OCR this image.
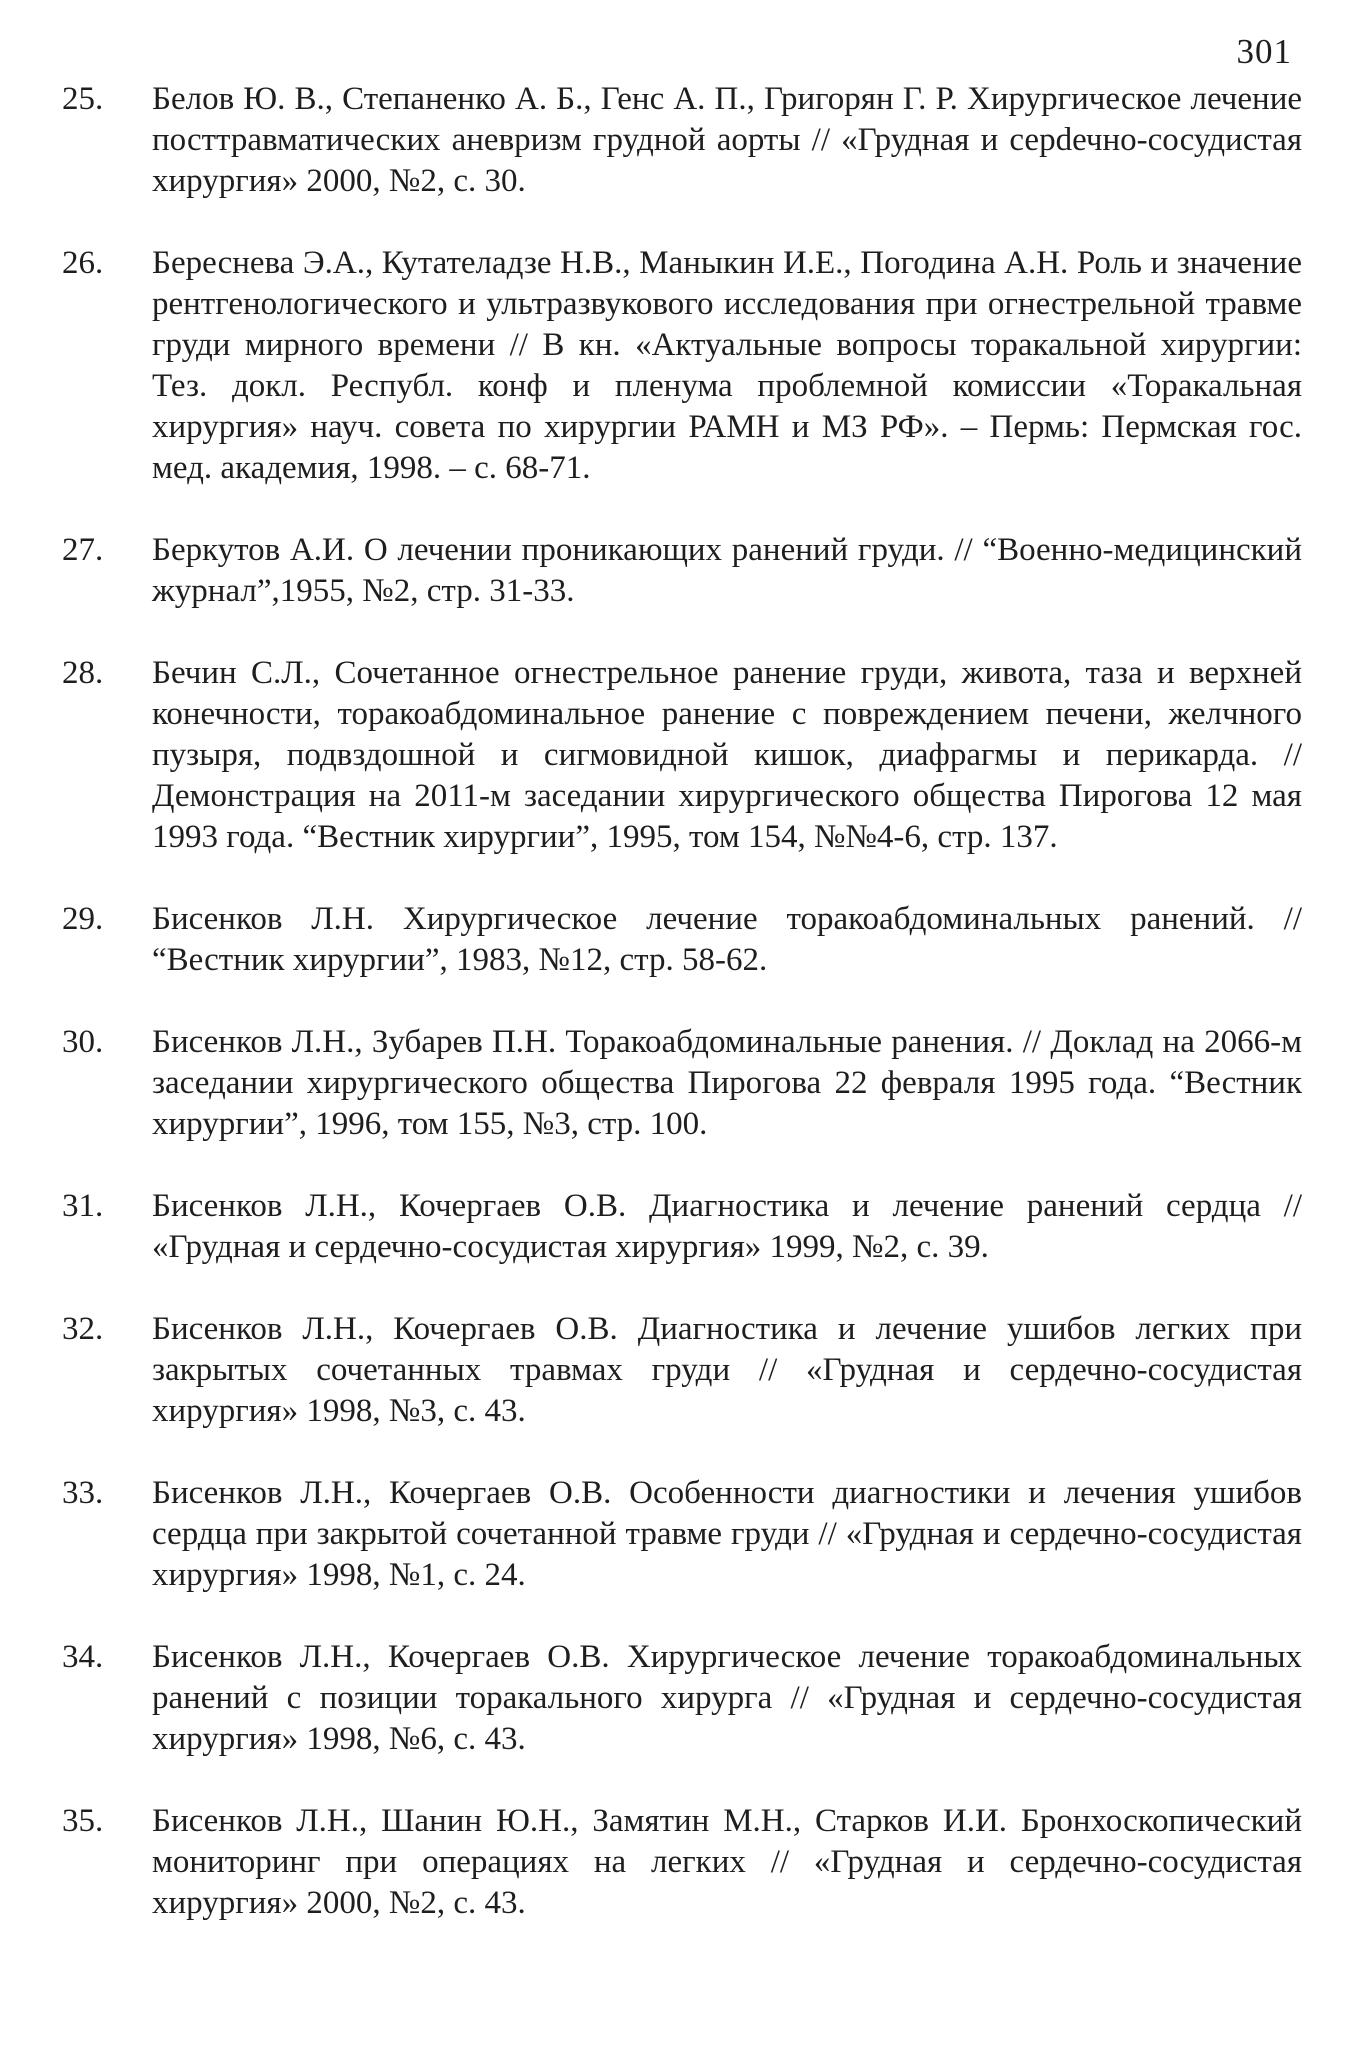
301
25.	Белов Ю. В., Степаненко А. Б., Генс А. П., Григорян Г. Р. Хирургическое лечение посттравматических аневризм грудной аорты // «Грудная и серdечно-сосудистая хирургия» 2000, №2, с. 30.
26.	Береснева Э.А., Кутателадзе Н.В., Маныкин И.Е., Погодина А.Н. Роль и значение рентгенологического и ультразвукового исследования при огнестрельной травме груди мирного времени // В кн. «Актуальные вопросы торакальной хирургии: Тез. докл. Республ. конф и пленума проблемной комиссии «Торакальная хирургия» науч. совета по хирургии РАМН и МЗ РФ». – Пермь: Пермская гос. мед. академия, 1998. – с. 68-71.
27.	Беркутов А.И. О лечении проникающих ранений груди. // “Военно-медицинский журнал”,1955, №2, стр. 31-33.
28.	Бечин С.Л., Сочетанное огнестрельное ранение груди, живота, таза и верхней конечности, торакоабдоминальное ранение с повреждением печени, желчного пузыря, подвздошной и сигмовидной кишок, диафрагмы и перикарда. // Демонстрация на 2011-м заседании хирургического общества Пирогова 12 мая 1993 года. “Вестник хирургии”, 1995, том 154, №№4-6, стр. 137.
29.	Бисенков Л.Н. Хирургическое лечение торакоабдоминальных ранений. // “Вестник хирургии”, 1983, №12, стр. 58-62.
30.	Бисенков Л.Н., Зубарев П.Н. Торакоабдоминальные ранения. // Доклад на 2066-м заседании хирургического общества Пирогова 22 февраля 1995 года. “Вестник хирургии”, 1996, том 155, №3, стр. 100.
31.	Бисенков Л.Н., Кочергаев О.В. Диагностика и лечение ранений сердца // «Грудная и сердечно-сосудистая хирургия» 1999, №2, с. 39.
32.	Бисенков Л.Н., Кочергаев О.В. Диагностика и лечение ушибов легких при закрытых сочетанных травмах груди // «Грудная и сердечно-сосудистая хирургия» 1998, №3, с. 43.
33.	Бисенков Л.Н., Кочергаев О.В. Особенности диагностики и лечения ушибов сердца при закрытой сочетанной травме груди // «Грудная и сердечно-сосудистая хирургия» 1998, №1, с. 24.
34.	Бисенков Л.Н., Кочергаев О.В. Хирургическое лечение торакоабдоминальных ранений с позиции торакального хирурга // «Грудная и сердечно-сосудистая хирургия» 1998, №6, с. 43.
35.	Бисенков Л.Н., Шанин Ю.Н., Замятин М.Н., Старков И.И. Бронхоскопический мониторинг при операциях на легких // «Грудная и сердечно-сосудистая хирургия» 2000, №2, с. 43.
